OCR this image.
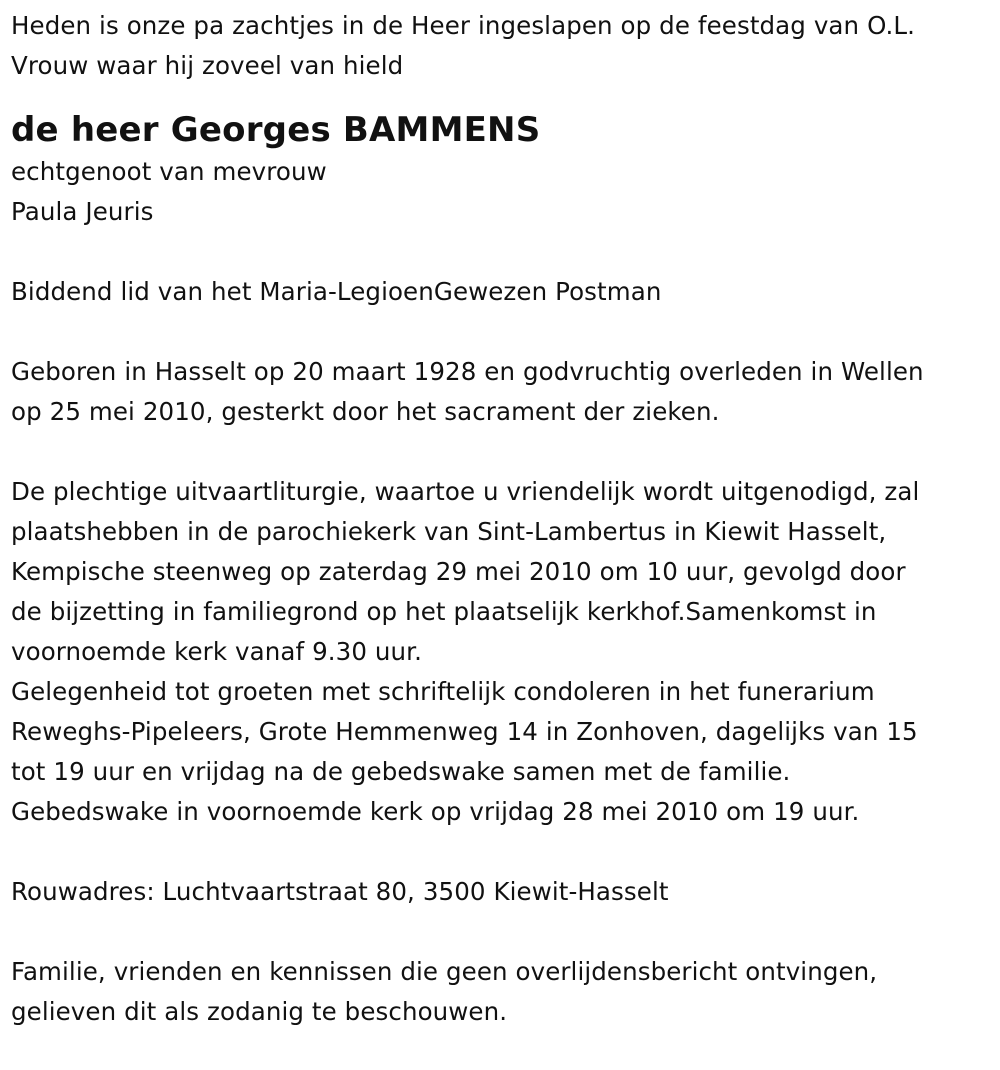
Heden is onze pa zachtjes in de Heer ingeslapen op de feestdag van O.L.

Vrouw waar hij zoveel van hield

de heer Georges BAMMENS

echtgenoot van mevrouw

Paula Jeuris

Biddend lid van het Maria-LegioenGewezen Postman

Geboren in Hasselt op 20 maart 1928 en godvruchtig overleden in Wellen

op 25 mei 2010, gesterkt door het sacrament der zieken.

De plechtige uitvaartliturgie, waartoe u vriendelijk wordt uitgenodigd, zal

plaatshebben in de parochiekerk van Sint-Lambertus in Kiewit Hasselt,

Kempische steenweg op zaterdag 29 mei 2010 om 10 uur, gevolgd door

de bijzetting in familiegrond op het plaatselijk kerkhof.Samenkomst in

voornoemde kerk vanaf 9.30 uur.

Gelegenheid tot groeten met schriftelijk condoleren in het funerarium

Reweghs-Pipeleers, Grote Hemmenweg 14 in Zonhoven, dagelijks van 15

tot 19 uur en vrijdag na de gebedswake samen met de familie.

Gebedswake in voornoemde kerk op vrijdag 28 mei 2010 om 19 uur.

Rouwadres: Luchtvaartstraat 80, 3500 Kiewit-Hasselt

Familie, vrienden en kennissen die geen overlijdensbericht ontvingen,

gelieven dit als zodanig te beschouwen.
